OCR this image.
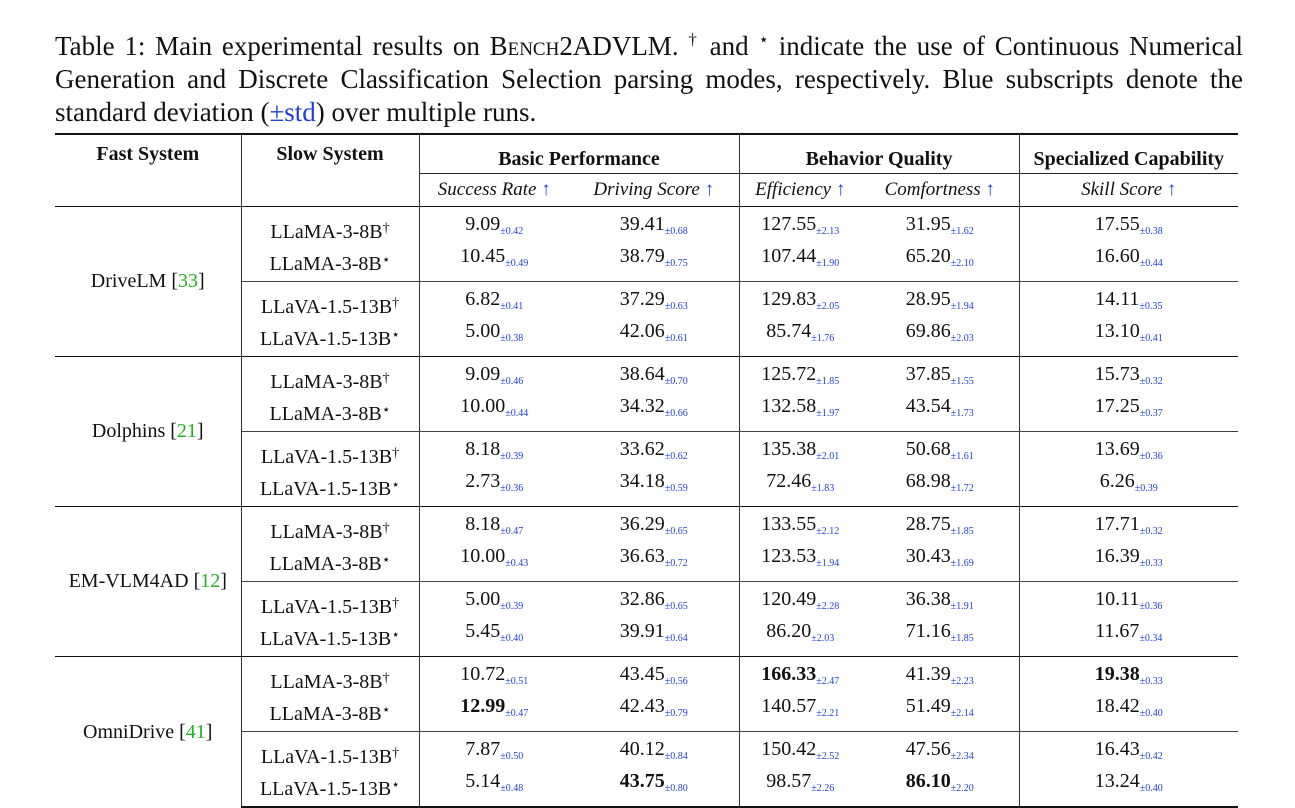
Table 1: Main experimental results on Bench2ADVLM. † and ⋆ indicate the use of Continuous Numerical Generation and Discrete Classification Selection parsing modes, respectively. Blue subscripts denote the standard deviation (±std) over multiple runs.
Fast System	Slow System	Basic Performance		Behavior Quality		Specialized Capability
		Success Rate ↑	Driving Score ↑	Efficiency ↑	Comfortness ↑	Skill Score ↑
DriveLM [33]	LLaMA-3-8B†	$9.09_{\pm 0.42}$	$39.41_{\pm 0.68}$	$127.55_{\pm 2.13}$	$31.95_{\pm 1.62}$	$17.55_{\pm 0.38}$
	LLaMA-3-8B⋆	$10.45_{\pm 0.49}$	$38.79_{\pm 0.75}$	$107.44_{\pm 1.90}$	$65.20_{\pm 2.10}$	$16.60_{\pm 0.44}$
	LLaVA-1.5-13B†	$6.82_{\pm 0.41}$	$37.29_{\pm 0.63}$	$129.83_{\pm 2.05}$	$28.95_{\pm 1.94}$	$14.11_{\pm 0.35}$
	LLaVA-1.5-13B⋆	$5.00_{\pm 0.38}$	$42.06_{\pm 0.61}$	$85.74_{\pm 1.76}$	$69.86_{\pm 2.03}$	$13.10_{\pm 0.41}$
Dolphins [21]	LLaMA-3-8B†	$9.09_{\pm 0.46}$	$38.64_{\pm 0.70}$	$125.72_{\pm 1.85}$	$37.85_{\pm 1.55}$	$15.73_{\pm 0.32}$
	LLaMA-3-8B⋆	$10.00_{\pm 0.44}$	$34.32_{\pm 0.66}$	$132.58_{\pm 1.97}$	$43.54_{\pm 1.73}$	$17.25_{\pm 0.37}$
	LLaVA-1.5-13B†	$8.18_{\pm 0.39}$	$33.62_{\pm 0.62}$	$135.38_{\pm 2.01}$	$50.68_{\pm 1.61}$	$13.69_{\pm 0.36}$
	LLaVA-1.5-13B⋆	$2.73_{\pm 0.36}$	$34.18_{\pm 0.59}$	$72.46_{\pm 1.83}$	$68.98_{\pm 1.72}$	$6.26_{\pm 0.39}$
EM-VLM4AD [12]	LLaMA-3-8B†	$8.18_{\pm 0.47}$	$36.29_{\pm 0.65}$	$133.55_{\pm 2.12}$	$28.75_{\pm 1.85}$	$17.71_{\pm 0.32}$
	LLaMA-3-8B⋆	$10.00_{\pm 0.43}$	$36.63_{\pm 0.72}$	$123.53_{\pm 1.94}$	$30.43_{\pm 1.69}$	$16.39_{\pm 0.33}$
	LLaVA-1.5-13B†	$5.00_{\pm 0.39}$	$32.86_{\pm 0.65}$	$120.49_{\pm 2.28}$	$36.38_{\pm 1.91}$	$10.11_{\pm 0.36}$
	LLaVA-1.5-13B⋆	$5.45_{\pm 0.40}$	$39.91_{\pm 0.64}$	$86.20_{\pm 2.03}$	$71.16_{\pm 1.85}$	$11.67_{\pm 0.34}$
OmniDrive [41]	LLaMA-3-8B†	$10.72_{\pm 0.51}$	$43.45_{\pm 0.56}$	$166.33_{\pm 2.47}$	$41.39_{\pm 2.23}$	$19.38_{\pm 0.33}$
	LLaMA-3-8B⋆	$12.99_{\pm 0.47}$	$42.43_{\pm 0.79}$	$140.57_{\pm 2.21}$	$51.49_{\pm 2.14}$	$18.42_{\pm 0.40}$
	LLaVA-1.5-13B†	$7.87_{\pm 0.50}$	$40.12_{\pm 0.84}$	$150.42_{\pm 2.52}$	$47.56_{\pm 2.34}$	$16.43_{\pm 0.42}$
	LLaVA-1.5-13B⋆	$5.14_{\pm 0.48}$	$43.75_{\pm 0.80}$	$98.57_{\pm 2.26}$	$86.10_{\pm 2.20}$	$13.24_{\pm 0.40}$
